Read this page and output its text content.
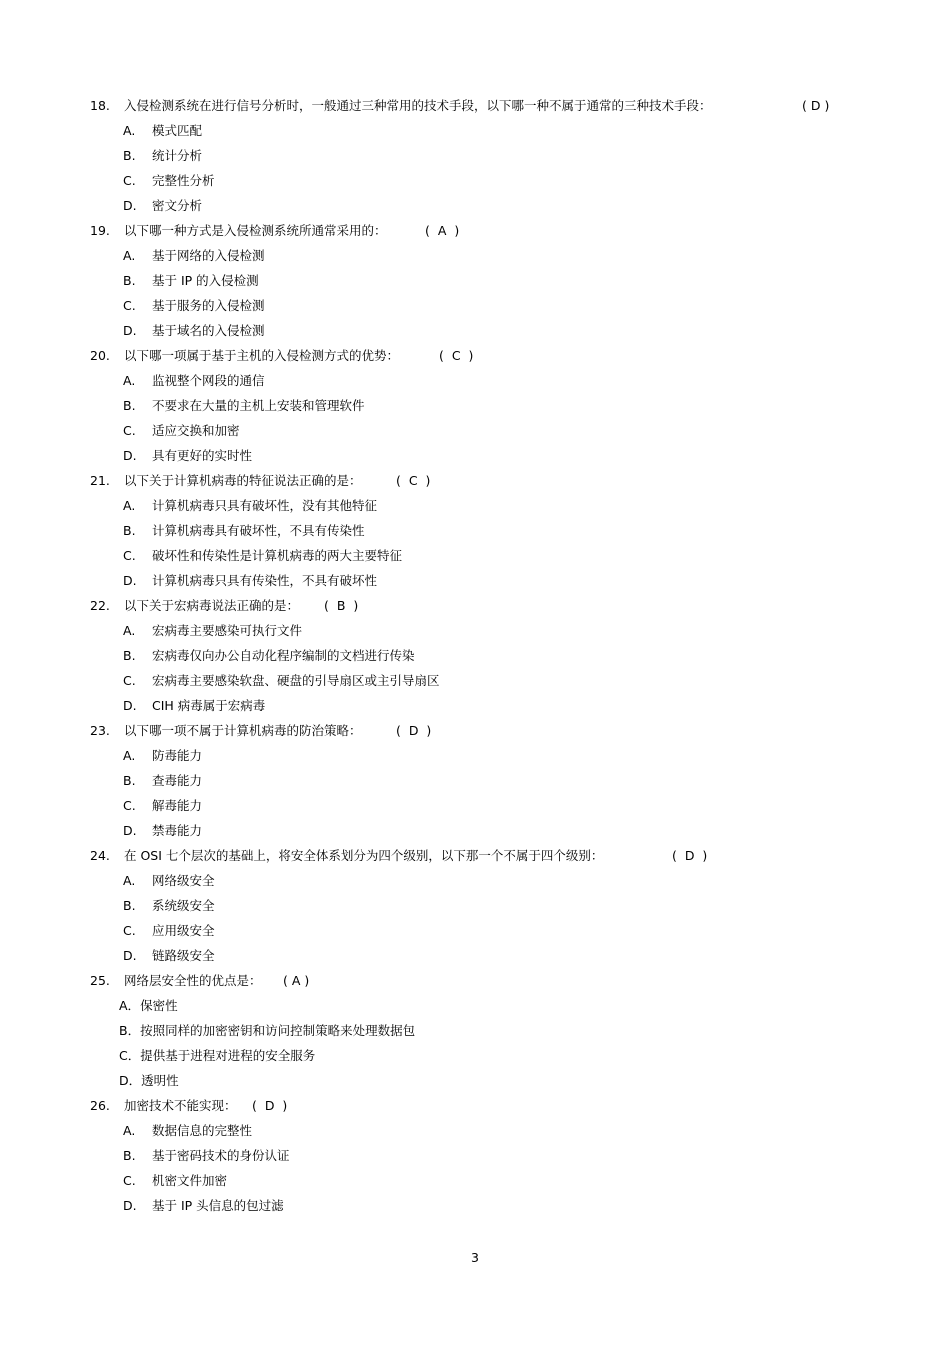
18. 入侵检测系统在进行信号分析时，一般通过三种常用的技术手段，以下哪一种不属于通常的三种技术手段：	( D )
A. 模式匹配
B. 统计分析
C. 完整性分析
D. 密文分析
19. 以下哪一种方式是入侵检测系统所通常采用的：	(  A  )
A. 基于网络的入侵检测
B. 基于 IP 的入侵检测
C. 基于服务的入侵检测
D. 基于域名的入侵检测
20. 以下哪一项属于基于主机的入侵检测方式的优势：	(  C  )
A. 监视整个网段的通信
B. 不要求在大量的主机上安装和管理软件
C. 适应交换和加密
D. 具有更好的实时性
21. 以下关于计算机病毒的特征说法正确的是：	(  C  )
A. 计算机病毒只具有破坏性，没有其他特征
B. 计算机病毒具有破坏性，不具有传染性
C. 破坏性和传染性是计算机病毒的两大主要特征
D. 计算机病毒只具有传染性，不具有破坏性
22. 以下关于宏病毒说法正确的是： (  B  )
A. 宏病毒主要感染可执行文件
B. 宏病毒仅向办公自动化程序编制的文档进行传染
C. 宏病毒主要感染软盘、硬盘的引导扇区或主引导扇区
D. CIH 病毒属于宏病毒
23. 以下哪一项不属于计算机病毒的防治策略：	(  D  )
A. 防毒能力
B. 查毒能力
C. 解毒能力
D. 禁毒能力
24. 在 OSI 七个层次的基础上，将安全体系划分为四个级别，以下那一个不属于四个级别：	(  D  )
A. 网络级安全
B. 系统级安全
C. 应用级安全
D. 链路级安全
25. 网络层安全性的优点是： ( A )
A．保密性
B．按照同样的加密密钥和访问控制策略来处理数据包
C．提供基于进程对进程的安全服务
D．透明性
26. 加密技术不能实现： (  D  )
A. 数据信息的完整性
B. 基于密码技术的身份认证
C. 机密文件加密
D. 基于 IP 头信息的包过滤
3
